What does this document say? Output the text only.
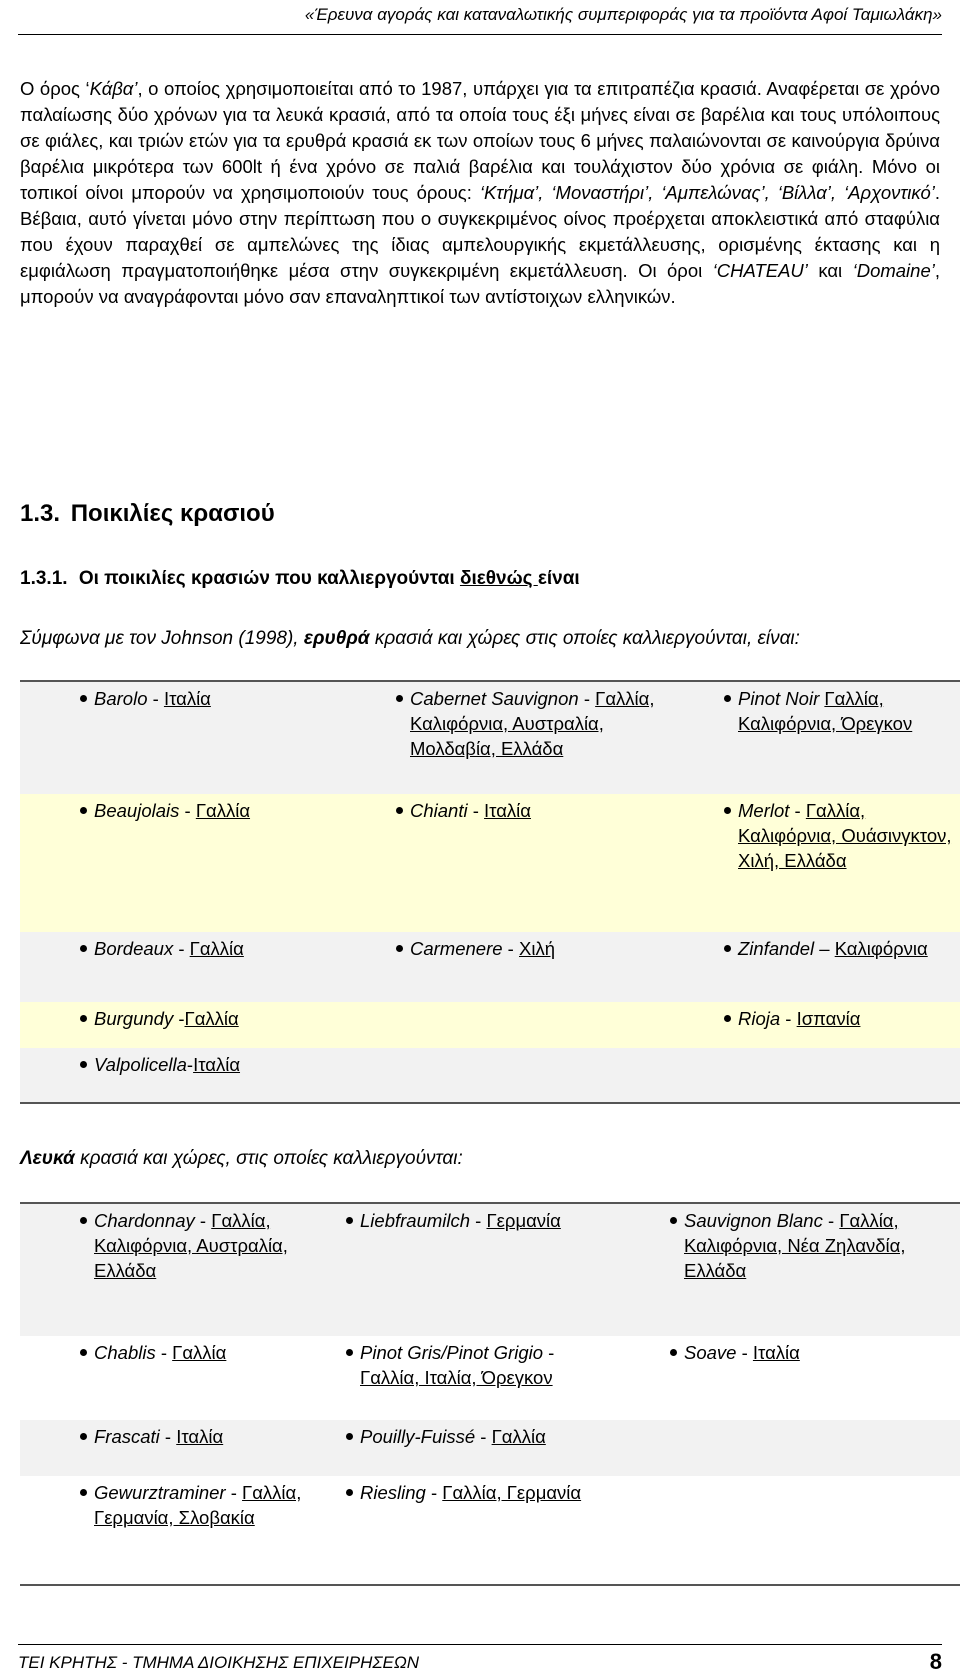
«Έρευνα αγοράς και καταναλωτικής συμπεριφοράς για τα προϊόντα Αφοί Ταμιωλάκη»
Ο όρος ‘Κάβα’, ο οποίος χρησιμοποιείται από το 1987, υπάρχει για τα επιτραπέζια κρασιά. Αναφέρεται σε χρόνο παλαίωσης δύο χρόνων για τα λευκά κρασιά, από τα οποία τους έξι μήνες είναι σε βαρέλια και τους υπόλοιπους σε φιάλες, και τριών ετών για τα ερυθρά κρασιά εκ των οποίων τους 6 μήνες παλαιώνονται σε καινούργια δρύινα βαρέλια μικρότερα των 600lt ή ένα χρόνο σε παλιά βαρέλια και τουλάχιστον δύο χρόνια σε φιάλη. Μόνο οι τοπικοί οίνοι μπορούν να χρησιμοποιούν τους όρους: ‘Κτήμα’, ‘Μοναστήρι’, ‘Αμπελώνας’, ‘Βίλλα’, ‘Αρχοντικό’. Βέβαια, αυτό γίνεται μόνο στην περίπτωση που ο συγκεκριμένος οίνος προέρχεται αποκλειστικά από σταφύλια που έχουν παραχθεί σε αμπελώνες της ίδιας αμπελουργικής εκμετάλλευσης, ορισμένης έκτασης και η εμφιάλωση πραγματοποιήθηκε μέσα στην συγκεκριμένη εκμετάλλευση. Οι όροι ‘CHATEAU’ και ‘Domaine’, μπορούν να αναγράφονται μόνο σαν επαναληπτικοί των αντίστοιχων ελληνικών.
1.3. Ποικιλίες κρασιού
1.3.1. Οι ποικιλίες κρασιών που καλλιεργούνται διεθνώς είναι
Σύμφωνα με τον Johnson (1998), ερυθρά κρασιά και χώρες στις οποίες καλλιεργούνται, είναι:
Barolo - Ιταλία	Cabernet Sauvignon - Γαλλία, Καλιφόρνια, Αυστραλία, Μολδαβία, Ελλάδα	Pinot Noir Γαλλία, Καλιφόρνια, Όρεγκον

Beaujolais - Γαλλία	Chianti - Ιταλία	Merlot - Γαλλία, Καλιφόρνια, Ουάσινγκτον, Χιλή, Ελλάδα

Bordeaux - Γαλλία	Carmenere - Χιλή	Zinfandel – Καλιφόρνια

Burgundy -Γαλλία		Rioja - Ισπανία

Valpolicella-Ιταλία		

Λευκά κρασιά και χώρες, στις οποίες καλλιεργούνται:
Chardonnay - Γαλλία, Καλιφόρνια, Αυστραλία, Ελλάδα	Liebfraumilch - Γερμανία	Sauvignon Blanc - Γαλλία, Καλιφόρνια, Νέα Ζηλανδία, Ελλάδα

Chablis - Γαλλία	Pinot Gris/Pinot Grigio - Γαλλία, Ιταλία, Όρεγκον	Soave - Ιταλία

Frascati - Ιταλία	Pouilly-Fuissé - Γαλλία	

Gewurztraminer - Γαλλία, Γερμανία, Σλοβακία	Riesling - Γαλλία, Γερμανία	

ΤΕΙ ΚΡΗΤΗΣ - ΤΜΗΜΑ ΔΙΟΙΚΗΣΗΣ ΕΠΙΧΕΙΡΗΣΕΩΝ	8
